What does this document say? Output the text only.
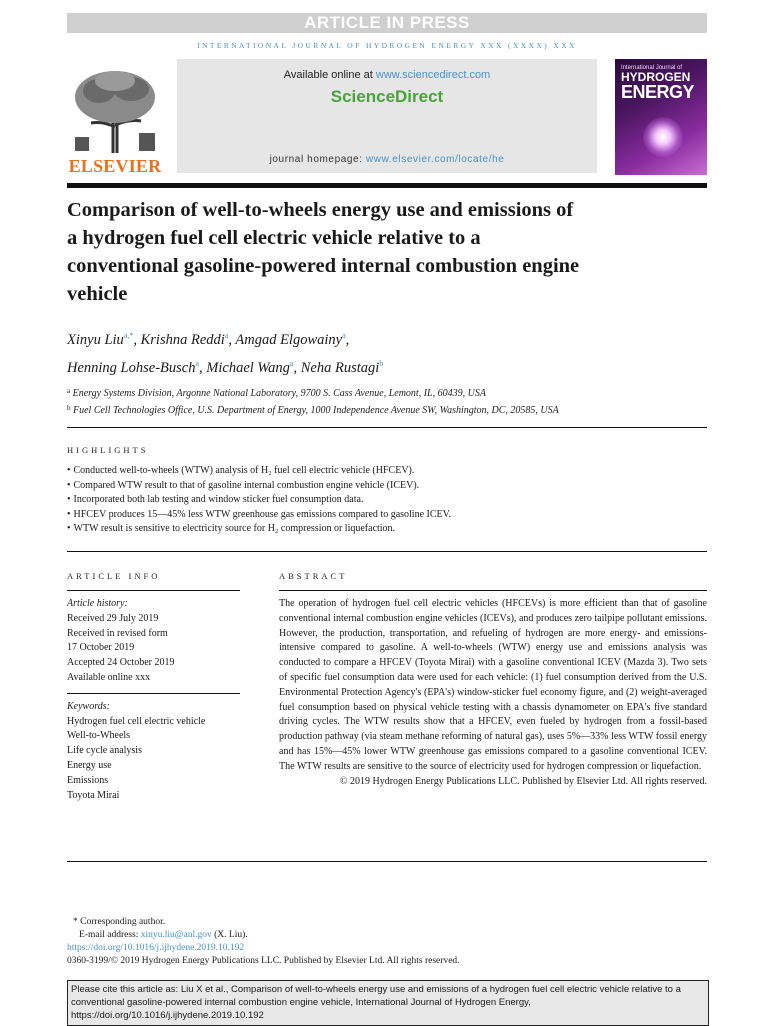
ARTICLE IN PRESS
INTERNATIONAL JOURNAL OF HYDROGEN ENERGY XXX (XXXX) XXX
ELSEVIER
Available online at www.sciencedirect.com
ScienceDirect
journal homepage: www.elsevier.com/locate/he
International Journal of
HYDROGEN
ENERGY
Comparison of well-to-wheels energy use and emissions of a hydrogen fuel cell electric vehicle relative to a conventional gasoline-powered internal combustion engine vehicle
Xinyu Liu$^{a,*}$, Krishna Reddi$^a$, Amgad Elgowainy$^a$,
Henning Lohse-Busch$^a$, Michael Wang$^a$, Neha Rustagi$^b$
$^a$ Energy Systems Division, Argonne National Laboratory, 9700 S. Cass Avenue, Lemont, IL, 60439, USA
$^b$ Fuel Cell Technologies Office, U.S. Department of Energy, 1000 Independence Avenue SW, Washington, DC, 20585, USA
HIGHLIGHTS
• Conducted well-to-wheels (WTW) analysis of H₂ fuel cell electric vehicle (HFCEV).
• Compared WTW result to that of gasoline internal combustion engine vehicle (ICEV).
• Incorporated both lab testing and window sticker fuel consumption data.
• HFCEV produces 15—45% less WTW greenhouse gas emissions compared to gasoline ICEV.
• WTW result is sensitive to electricity source for H₂ compression or liquefaction.
ARTICLE INFO
Article history:
Received 29 July 2019
Received in revised form
17 October 2019
Accepted 24 October 2019
Available online xxx
Keywords:
Hydrogen fuel cell electric vehicle
Well-to-Wheels
Life cycle analysis
Energy use
Emissions
Toyota Mirai
ABSTRACT
The operation of hydrogen fuel cell electric vehicles (HFCEVs) is more efficient than that of gasoline conventional internal combustion engine vehicles (ICEVs), and produces zero tailpipe pollutant emissions. However, the production, transportation, and refueling of hydrogen are more energy- and emissions-intensive compared to gasoline. A well-to-wheels (WTW) energy use and emissions analysis was conducted to compare a HFCEV (Toyota Mirai) with a gasoline conventional ICEV (Mazda 3). Two sets of specific fuel consumption data were used for each vehicle: (1) fuel consumption derived from the U.S. Environmental Protection Agency's (EPA's) window-sticker fuel economy figure, and (2) weight-averaged fuel consumption based on physical vehicle testing with a chassis dynamometer on EPA's five standard driving cycles. The WTW results show that a HFCEV, even fueled by hydrogen from a fossil-based production pathway (via steam methane reforming of natural gas), uses 5%—33% less WTW fossil energy and has 15%—45% lower WTW greenhouse gas emissions compared to a gasoline conventional ICEV. The WTW results are sensitive to the source of electricity used for hydrogen compression or liquefaction.
© 2019 Hydrogen Energy Publications LLC. Published by Elsevier Ltd. All rights reserved.
* Corresponding author.
E-mail address: xinyu.liu@anl.gov (X. Liu).
https://doi.org/10.1016/j.ijhydene.2019.10.192
0360-3199/© 2019 Hydrogen Energy Publications LLC. Published by Elsevier Ltd. All rights reserved.
Please cite this article as: Liu X et al., Comparison of well-to-wheels energy use and emissions of a hydrogen fuel cell electric vehicle relative to a conventional gasoline-powered internal combustion engine vehicle, International Journal of Hydrogen Energy, https://doi.org/10.1016/j.ijhydene.2019.10.192
